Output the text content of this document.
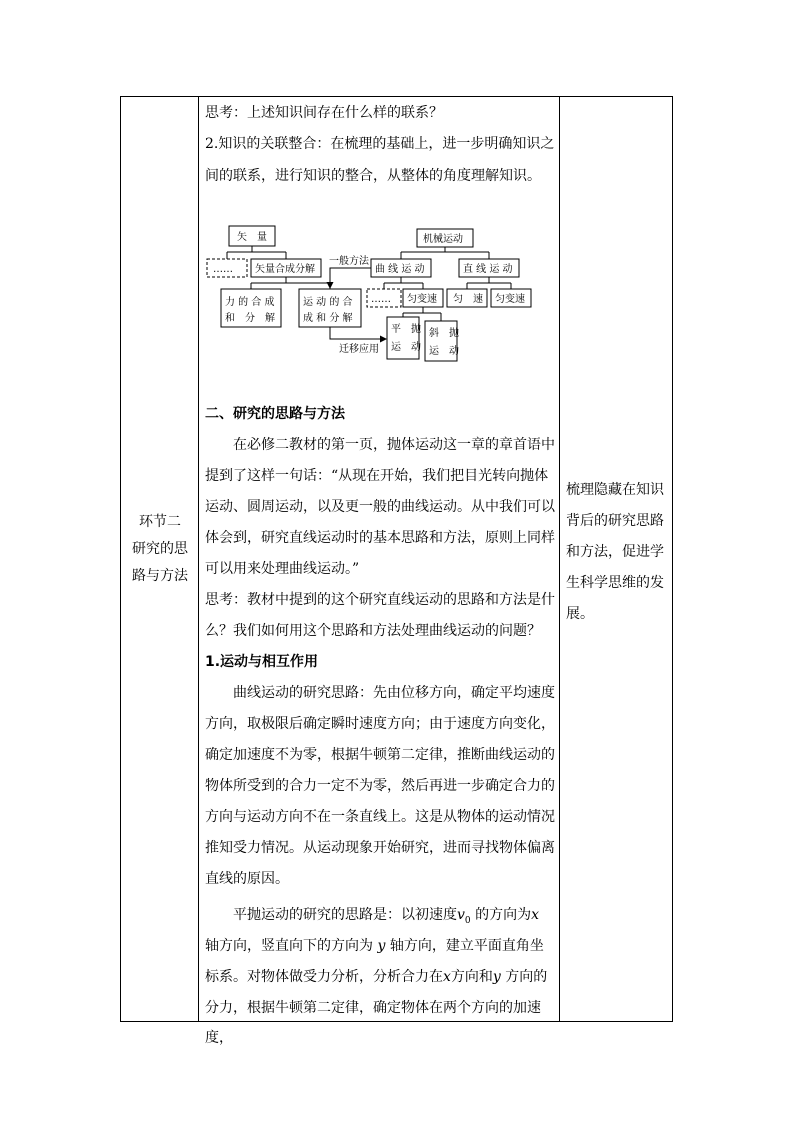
环节二
研究的思
路与方法
梳理隐藏在知识
背后的研究思路
和方法，促进学
生科学思维的发
展。
思考：上述知识间存在什么样的联系？
2.知识的关联整合：在梳理的基础上，进一步明确知识之
间的联系，进行知识的整合，从整体的角度理解知识。
二、研究的思路与方法
在必修二教材的第一页，抛体运动这一章的章首语中
提到了这样一句话：“从现在开始，我们把目光转向抛体
运动、圆周运动，以及更一般的曲线运动。从中我们可以
体会到，研究直线运动时的基本思路和方法，原则上同样
可以用来处理曲线运动。”
思考：教材中提到的这个研究直线运动的思路和方法是什
么？我们如何用这个思路和方法处理曲线运动的问题？
1.运动与相互作用
曲线运动的研究思路：先由位移方向，确定平均速度
方向，取极限后确定瞬时速度方向；由于速度方向变化，
确定加速度不为零，根据牛顿第二定律，推断曲线运动的
物体所受到的合力一定不为零，然后再进一步确定合力的
方向与运动方向不在一条直线上。这是从物体的运动情况
推知受力情况。从运动现象开始研究，进而寻找物体偏离
直线的原因。
平抛运动的研究的思路是：以初速度$v_0$ 的方向为x
轴方向，竖直向下的方向为 y 轴方向，建立平面直角坐
标系。对物体做受力分析，分析合力在x方向和y 方向的
分力，根据牛顿第二定律，确定物体在两个方向的加速度，
矢　量
…… 矢量合成分解
力 的 合 成
和　分　解
运 动 的 合
成 和 分 解
一般方法
机械运动
曲 线 运 动	直 线 运 动
…… 匀变速 匀　速 匀变速
迁移应用
平　抛
运　动
斜　抛
运　动
